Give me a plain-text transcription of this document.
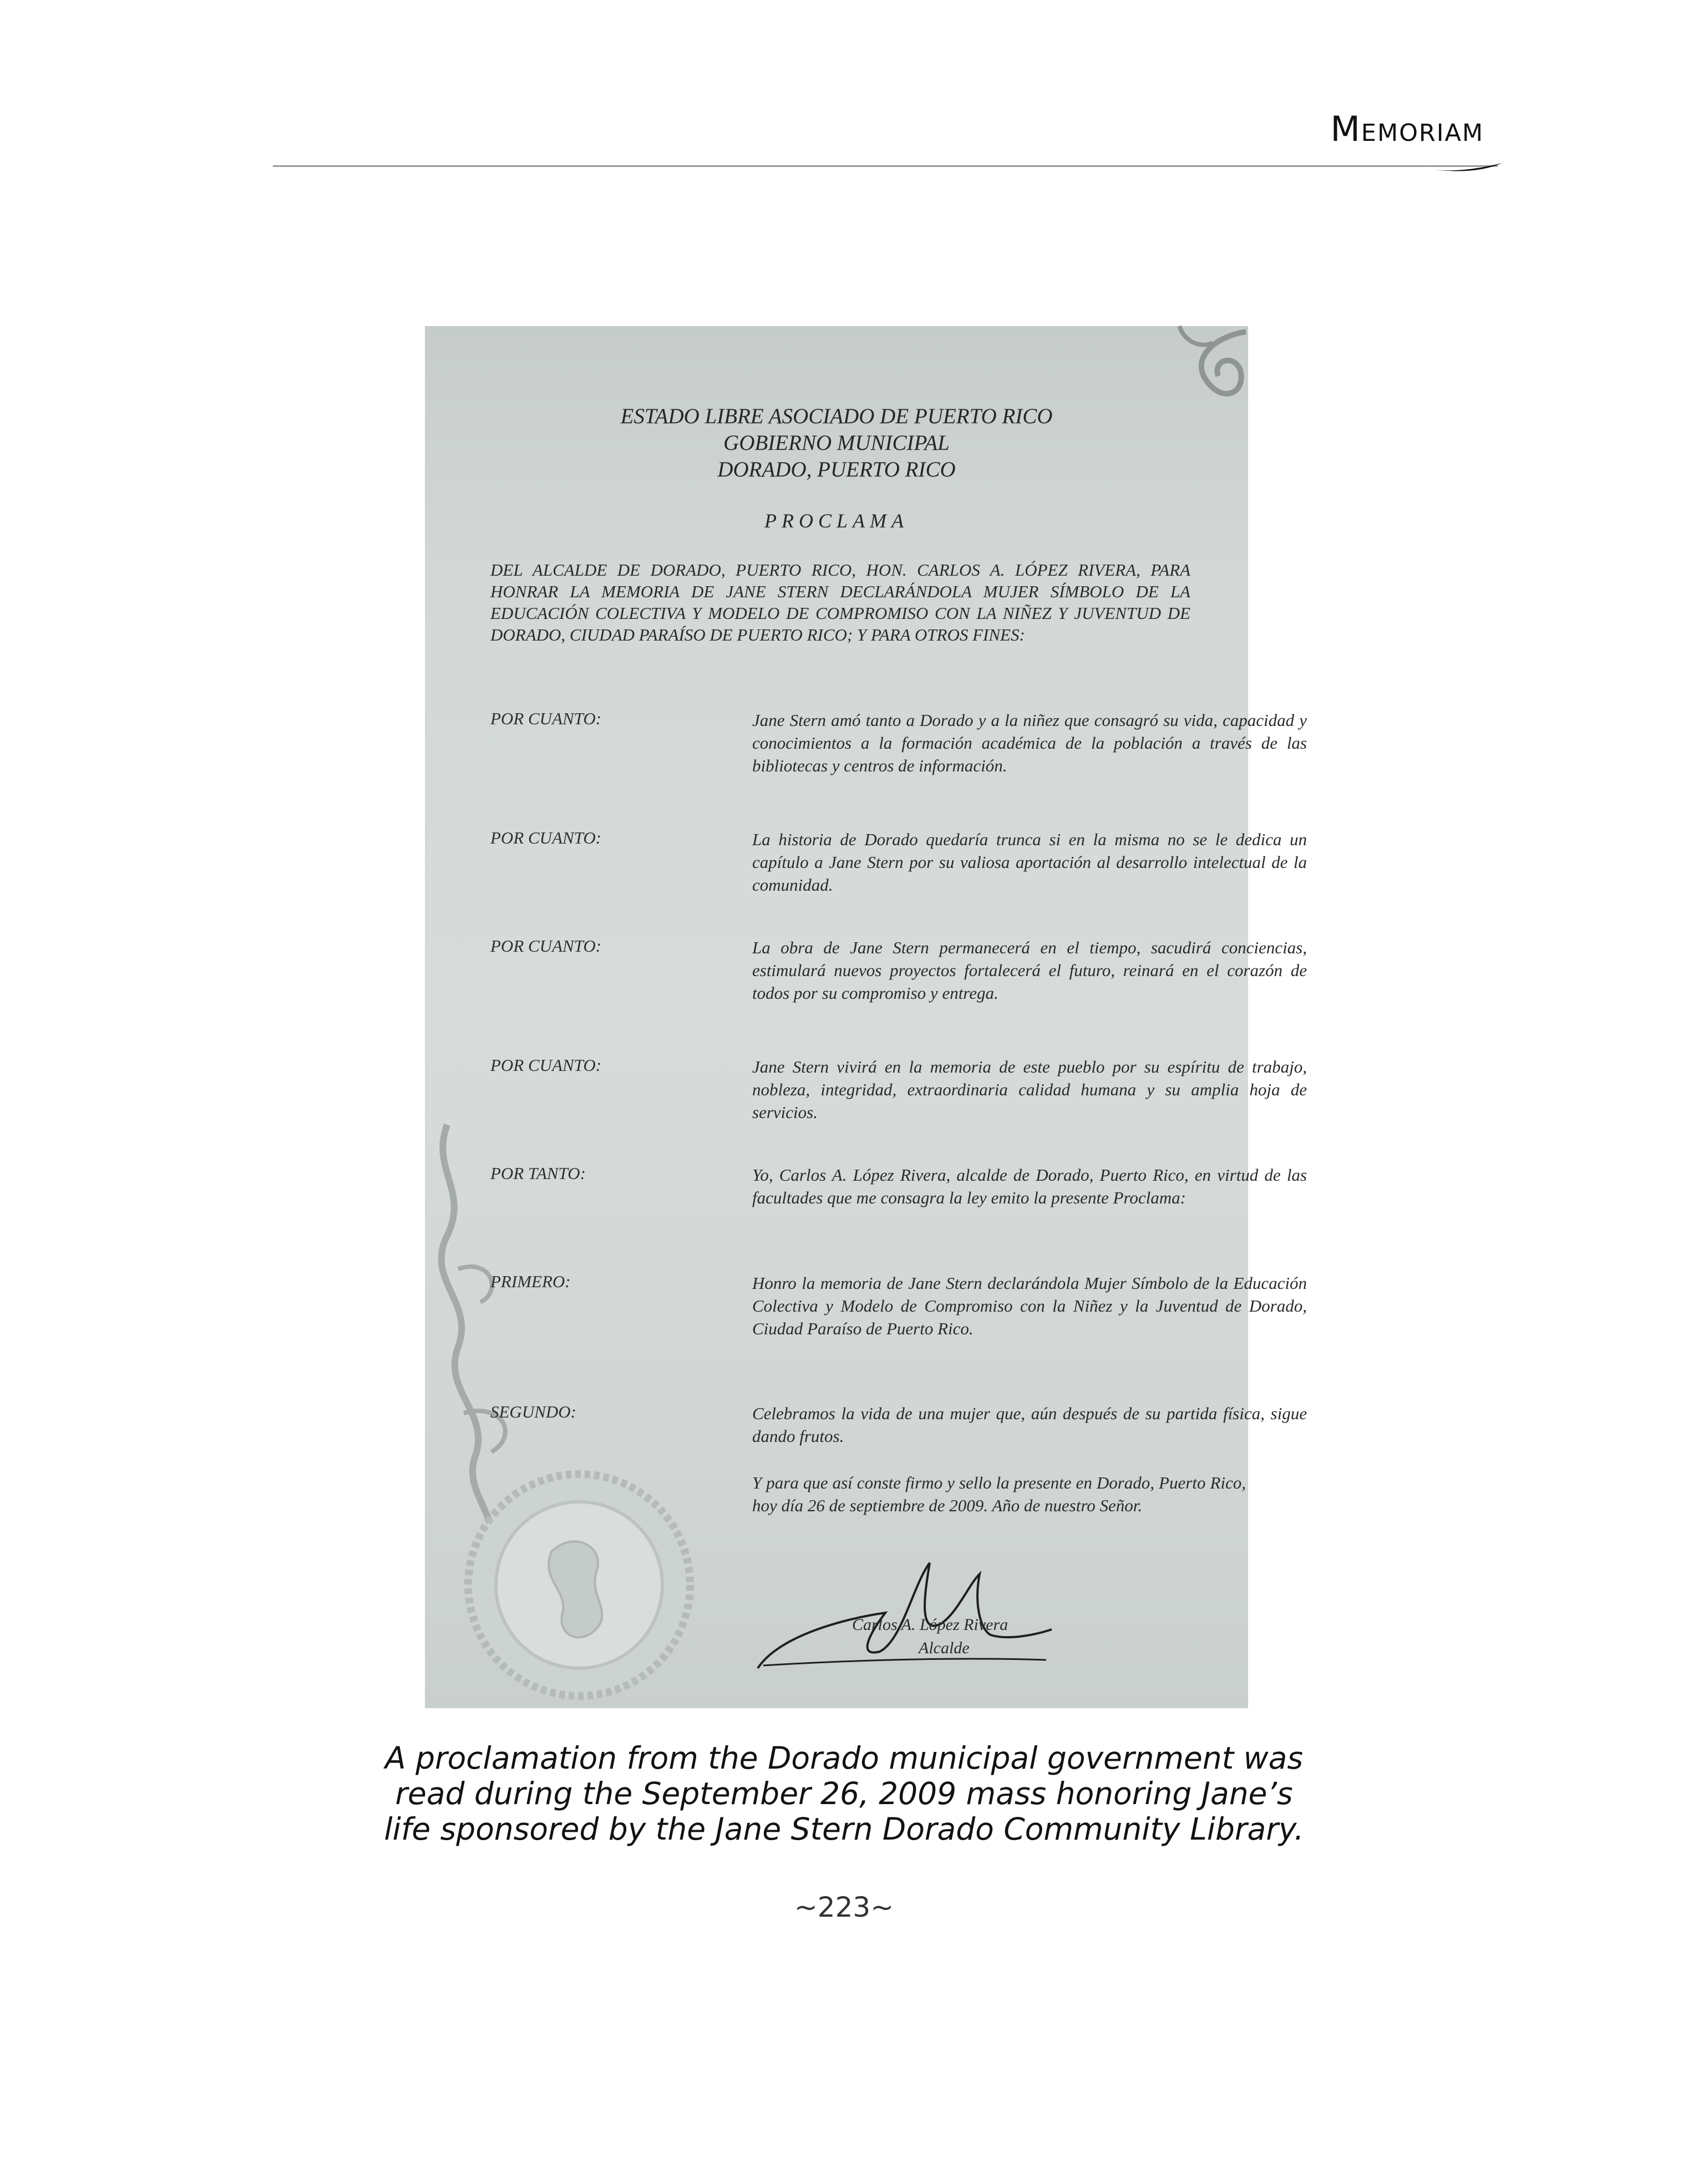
Memoriam
ESTADO LIBRE ASOCIADO DE PUERTO RICO
GOBIERNO MUNICIPAL
DORADO, PUERTO RICO
PROCLAMA
DEL ALCALDE DE DORADO, PUERTO RICO, HON. CARLOS A. LÓPEZ RIVERA, PARA HONRAR LA MEMORIA DE JANE STERN DECLARÁNDOLA MUJER SÍMBOLO DE LA EDUCACIÓN COLECTIVA Y MODELO DE COMPROMISO CON LA NIÑEZ Y JUVENTUD DE DORADO, CIUDAD PARAÍSO DE PUERTO RICO; Y PARA OTROS FINES:
POR CUANTO:	Jane Stern amó tanto a Dorado y a la niñez que consagró su vida, capacidad y conocimientos a la formación académica de la población a través de las bibliotecas y centros de información.
POR CUANTO:	La historia de Dorado quedaría trunca si en la misma no se le dedica un capítulo a Jane Stern por su valiosa aportación al desarrollo intelectual de la comunidad.
POR CUANTO:	La obra de Jane Stern permanecerá en el tiempo, sacudirá conciencias, estimulará nuevos proyectos fortalecerá el futuro, reinará en el corazón de todos por su compromiso y entrega.
POR CUANTO:	Jane Stern vivirá en la memoria de este pueblo por su espíritu de trabajo, nobleza, integridad, extraordinaria calidad humana y su amplia hoja de servicios.
POR TANTO:	Yo, Carlos A. López Rivera, alcalde de Dorado, Puerto Rico, en virtud de las facultades que me consagra la ley emito la presente Proclama:
PRIMERO:	Honro la memoria de Jane Stern declarándola Mujer Símbolo de la Educación Colectiva y Modelo de Compromiso con la Niñez y la Juventud de Dorado, Ciudad Paraíso de Puerto Rico.
SEGUNDO:	Celebramos la vida de una mujer que, aún después de su partida física, sigue dando frutos.
Y para que así conste firmo y sello la presente en Dorado, Puerto Rico, hoy día 26 de septiembre de 2009. Año de nuestro Señor.
Carlos A. López Rivera
Alcalde
A proclamation from the Dorado municipal government was
read during the September 26, 2009 mass honoring Jane’s
life sponsored by the Jane Stern Dorado Community Library.
~223~
